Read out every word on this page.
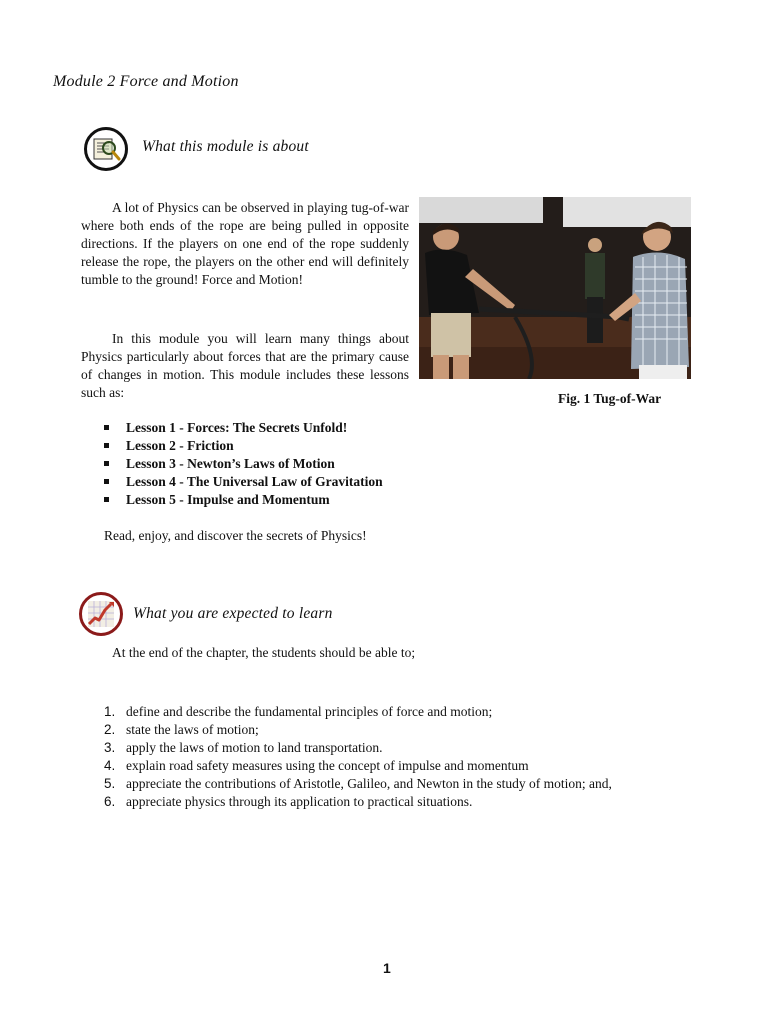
Module 2 Force and Motion
What this module is about
A lot of Physics can be observed in playing tug-of-war where both ends of the rope are being pulled in opposite directions. If the players on one end of the rope suddenly release the rope, the players on the other end will definitely tumble to the ground! Force and Motion!
In this module you will learn many things about Physics particularly about forces that are the primary cause of changes in motion. This module includes these lessons such as:
Lesson 1 - Forces: The Secrets Unfold!
Lesson 2 - Friction
Lesson 3 - Newton’s Laws of Motion
Lesson 4 - The Universal Law of Gravitation
Lesson 5 - Impulse and Momentum
Read, enjoy, and discover the secrets of Physics!
Fig. 1 Tug-of-War
What you are expected to learn
At the end of the chapter, the students should be able to;
1. define and describe the fundamental principles of force and motion;
2. state the laws of motion;
3. apply the laws of motion to land transportation.
4. explain road safety measures using the concept of impulse and momentum
5. appreciate the contributions of Aristotle, Galileo, and Newton in the study of motion; and,
6. appreciate physics through its application to practical situations.
1
